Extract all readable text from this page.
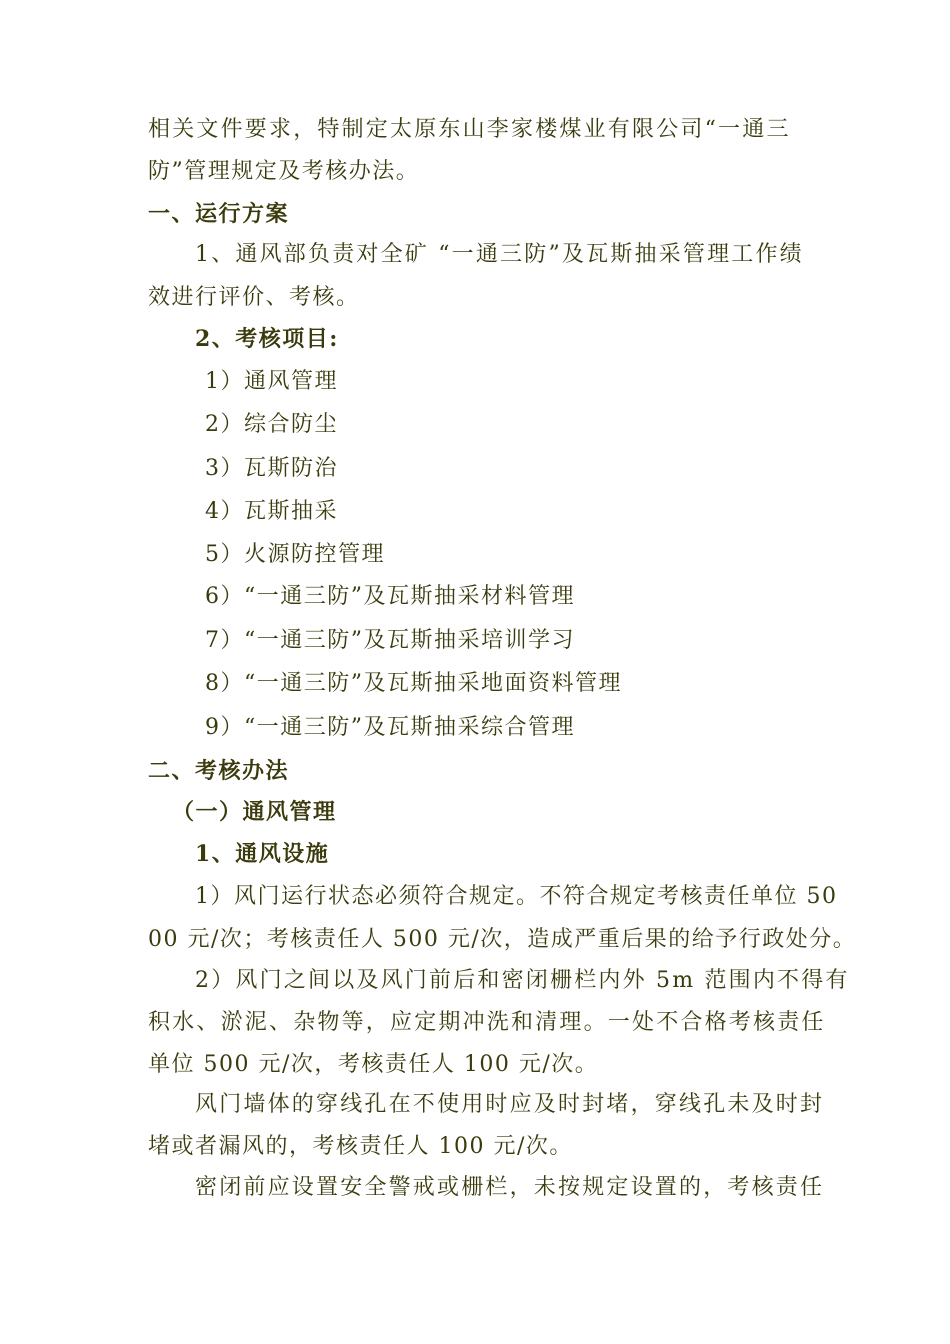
相关文件要求，特制定太原东山李家楼煤业有限公司“一通三
防”管理规定及考核办法。
一、运行方案
1、通风部负责对全矿 “一通三防”及瓦斯抽采管理工作绩
效进行评价、考核。
2、考核项目:
1）通风管理
2）综合防尘
3）瓦斯防治
4）瓦斯抽采
5）火源防控管理
6）“一通三防”及瓦斯抽采材料管理
7）“一通三防”及瓦斯抽采培训学习
8）“一通三防”及瓦斯抽采地面资料管理
9）“一通三防”及瓦斯抽采综合管理
二、考核办法
（一）通风管理
1、通风设施
1）风门运行状态必须符合规定。不符合规定考核责任单位 50
00 元/次；考核责任人 500 元/次，造成严重后果的给予行政处分。
2）风门之间以及风门前后和密闭栅栏内外 5m 范围内不得有
积水、淤泥、杂物等，应定期冲洗和清理。一处不合格考核责任
单位 500 元/次，考核责任人 100 元/次。
风门墙体的穿线孔在不使用时应及时封堵，穿线孔未及时封
堵或者漏风的，考核责任人 100 元/次。
密闭前应设置安全警戒或栅栏，未按规定设置的，考核责任
